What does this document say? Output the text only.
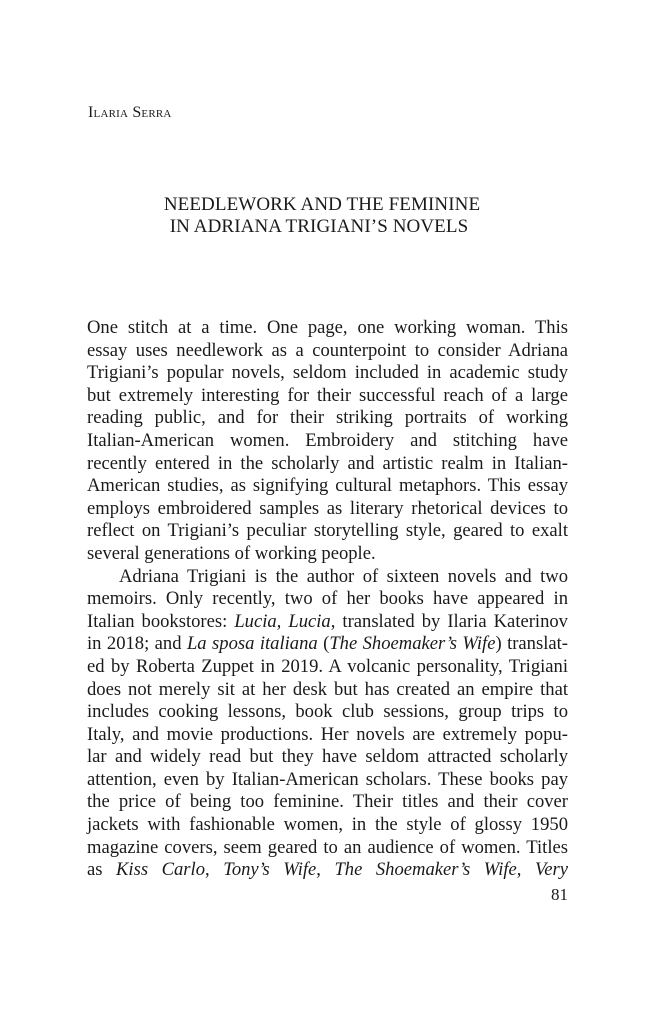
Ilaria Serra
NEEDLEWORK AND THE FEMININE
IN ADRIANA TRIGIANI’S NOVELS
One stitch at a time. One page, one working woman. This
essay uses needlework as a counterpoint to consider Adriana
Trigiani’s popular novels, seldom included in academic study
but extremely interesting for their successful reach of a large
reading public, and for their striking portraits of working
Italian-American women. Embroidery and stitching have
recently entered in the scholarly and artistic realm in Italian-
American studies, as signifying cultural metaphors. This essay
employs embroidered samples as literary rhetorical devices to
reflect on Trigiani’s peculiar storytelling style, geared to exalt
several generations of working people.
Adriana Trigiani is the author of sixteen novels and two
memoirs. Only recently, two of her books have appeared in
Italian bookstores: Lucia, Lucia, translated by Ilaria Katerinov
in 2018; and La sposa italiana (The Shoemaker’s Wife) translat-
ed by Roberta Zuppet in 2019. A volcanic personality, Trigiani
does not merely sit at her desk but has created an empire that
includes cooking lessons, book club sessions, group trips to
Italy, and movie productions. Her novels are extremely popu-
lar and widely read but they have seldom attracted scholarly
attention, even by Italian-American scholars. These books pay
the price of being too feminine. Their titles and their cover
jackets with fashionable women, in the style of glossy 1950
magazine covers, seem geared to an audience of women. Titles
as Kiss Carlo, Tony’s Wife, The Shoemaker’s Wife, Very
81
